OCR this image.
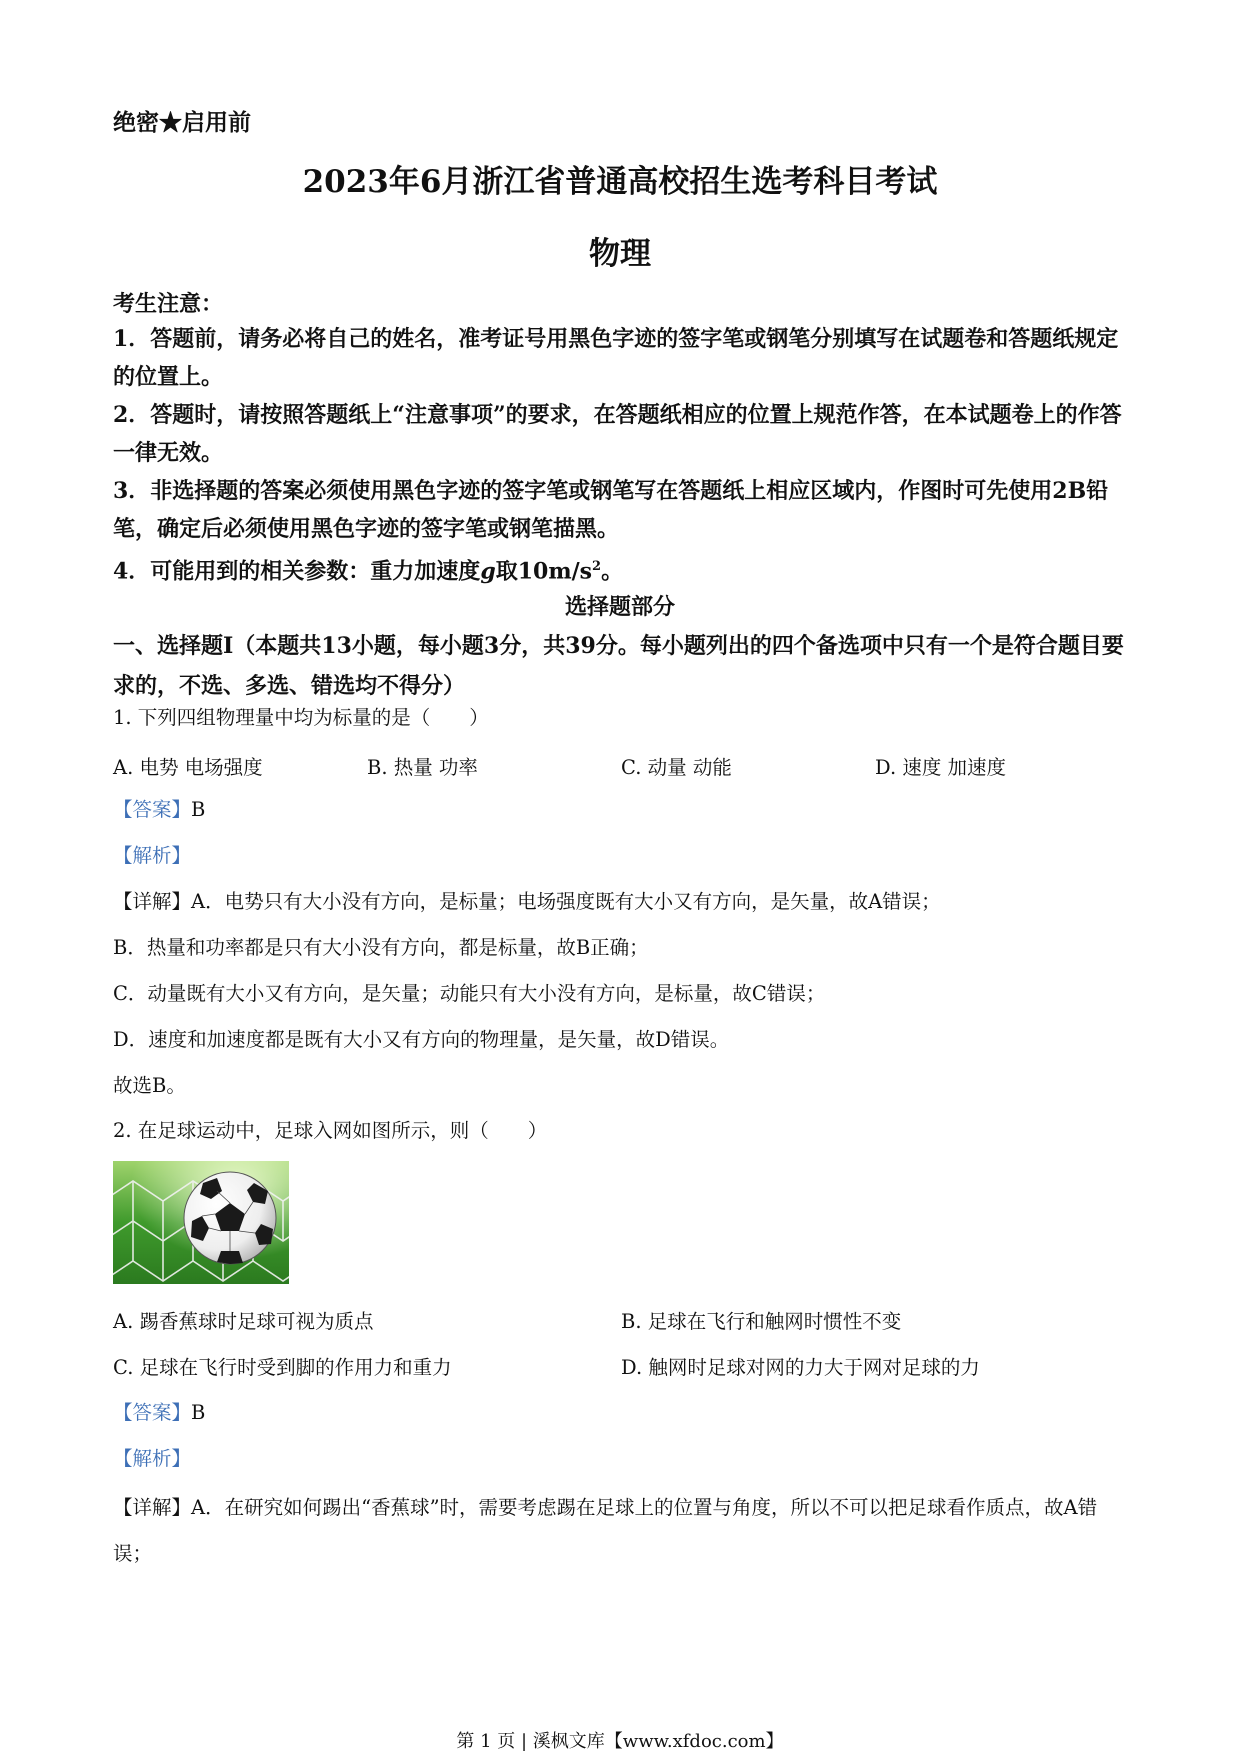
绝密★启用前
2023年6月浙江省普通高校招生选考科目考试
物理
考生注意：
1．答题前，请务必将自己的姓名，准考证号用黑色字迹的签字笔或钢笔分别填写在试题卷和答题纸规定的位置上。
2．答题时，请按照答题纸上“注意事项”的要求，在答题纸相应的位置上规范作答，在本试题卷上的作答一律无效。
3．非选择题的答案必须使用黑色字迹的签字笔或钢笔写在答题纸上相应区域内，作图时可先使用2B铅笔，确定后必须使用黑色字迹的签字笔或钢笔描黑。
4．可能用到的相关参数：重力加速度g取$10m/s^2$。
选择题部分
一、选择题Ⅰ（本题共13小题，每小题3分，共39分。每小题列出的四个备选项中只有一个是符合题目要求的，不选、多选、错选均不得分）
1. 下列四组物理量中均为标量的是（　　）
A. 电势 电场强度	B. 热量 功率	C. 动量 动能	D. 速度 加速度
【答案】B
【解析】
【详解】A．电势只有大小没有方向，是标量；电场强度既有大小又有方向，是矢量，故A错误；
B．热量和功率都是只有大小没有方向，都是标量，故B正确；
C．动量既有大小又有方向，是矢量；动能只有大小没有方向，是标量，故C错误；
D．速度和加速度都是既有大小又有方向的物理量，是矢量，故D错误。
故选B。
2. 在足球运动中，足球入网如图所示，则（　　）
A. 踢香蕉球时足球可视为质点	B. 足球在飞行和触网时惯性不变
C. 足球在飞行时受到脚的作用力和重力	D. 触网时足球对网的力大于网对足球的力
【答案】B
【解析】
【详解】A．在研究如何踢出“香蕉球”时，需要考虑踢在足球上的位置与角度，所以不可以把足球看作质点，故A错误；
第 1 页 | 溪枫文库【www.xfdoc.com】
